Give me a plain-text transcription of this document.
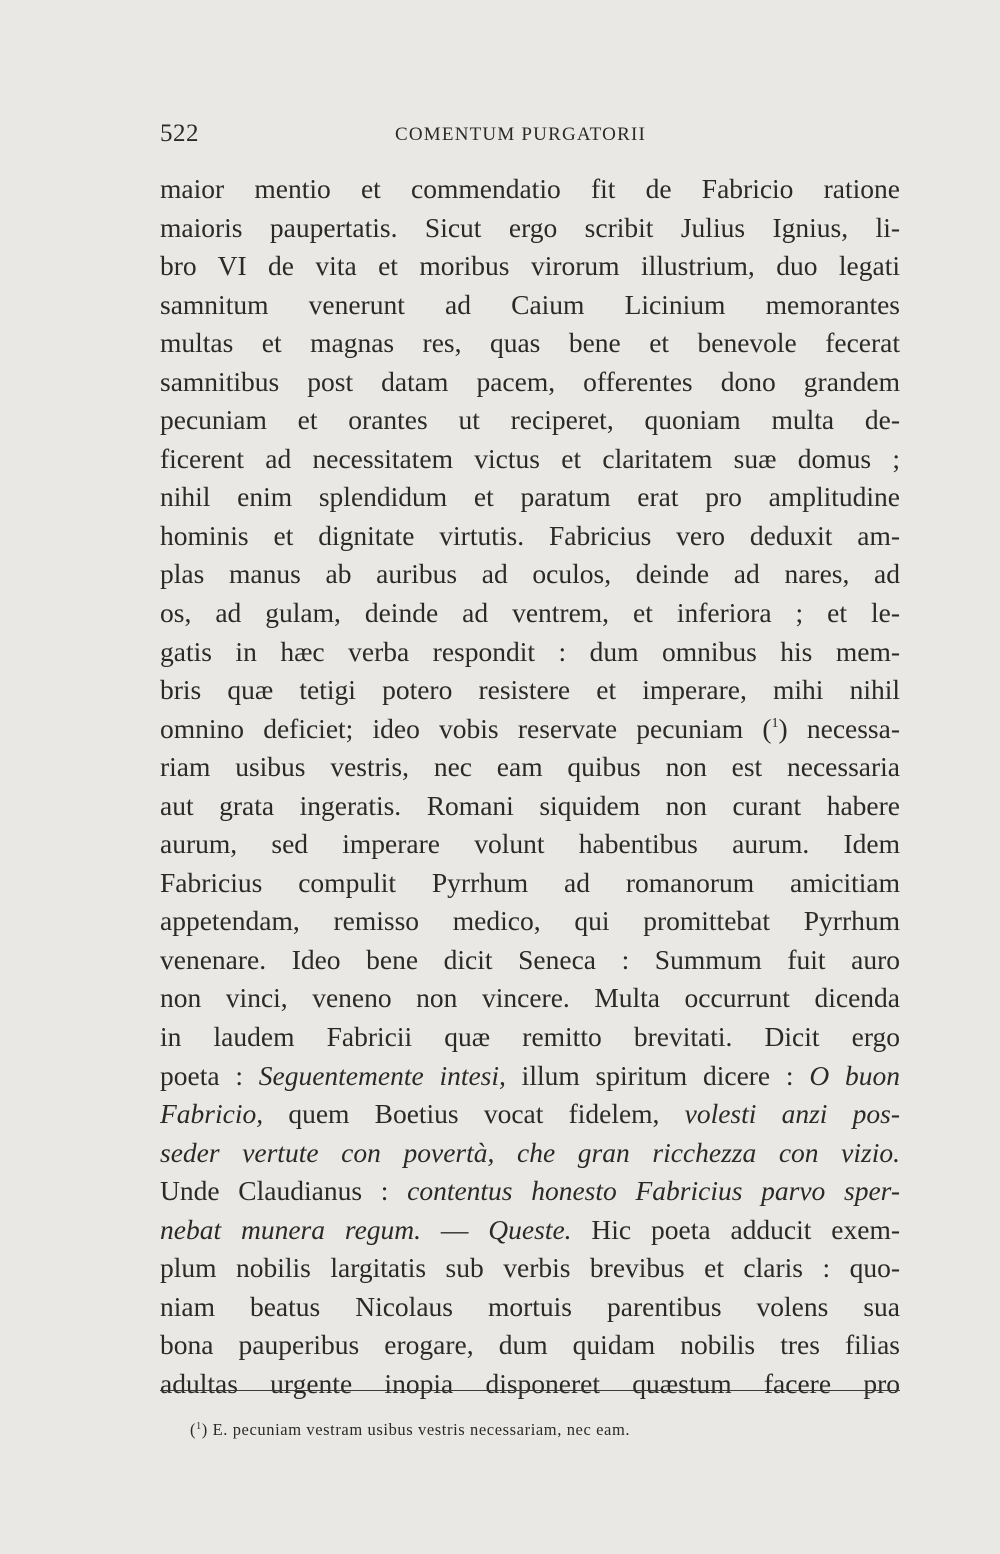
522	COMENTUM PURGATORII
maior mentio et commendatio fit de Fabricio ratione
maioris paupertatis. Sicut ergo scribit Julius Ignius, li-
bro VI de vita et moribus virorum illustrium, duo legati
samnitum venerunt ad Caium Licinium memorantes
multas et magnas res, quas bene et benevole fecerat
samnitibus post datam pacem, offerentes dono grandem
pecuniam et orantes ut reciperet, quoniam multa de-
ficerent ad necessitatem victus et claritatem suæ domus ;
nihil enim splendidum et paratum erat pro amplitudine
hominis et dignitate virtutis. Fabricius vero deduxit am-
plas manus ab auribus ad oculos, deinde ad nares, ad
os, ad gulam, deinde ad ventrem, et inferiora ; et le-
gatis in hæc verba respondit : dum omnibus his mem-
bris quæ tetigi potero resistere et imperare, mihi nihil
omnino deficiet; ideo vobis reservate pecuniam ($^1$) necessa-
riam usibus vestris, nec eam quibus non est necessaria
aut grata ingeratis. Romani siquidem non curant habere
aurum, sed imperare volunt habentibus aurum. Idem
Fabricius compulit Pyrrhum ad romanorum amicitiam
appetendam, remisso medico, qui promittebat Pyrrhum
venenare. Ideo bene dicit Seneca : Summum fuit auro
non vinci, veneno non vincere. Multa occurrunt dicenda
in laudem Fabricii quæ remitto brevitati. Dicit ergo
poeta : Seguentemente intesi, illum spiritum dicere : O buon
Fabricio, quem Boetius vocat fidelem, volesti anzi pos-
seder vertute con povertà, che gran ricchezza con vizio.
Unde Claudianus : contentus honesto Fabricius parvo sper-
nebat munera regum. — Queste. Hic poeta adducit exem-
plum nobilis largitatis sub verbis brevibus et claris : quo-
niam beatus Nicolaus mortuis parentibus volens sua
bona pauperibus erogare, dum quidam nobilis tres filias
adultas urgente inopia disponeret quæstum facere pro
($^1$) E. pecuniam vestram usibus vestris necessariam, nec eam.
